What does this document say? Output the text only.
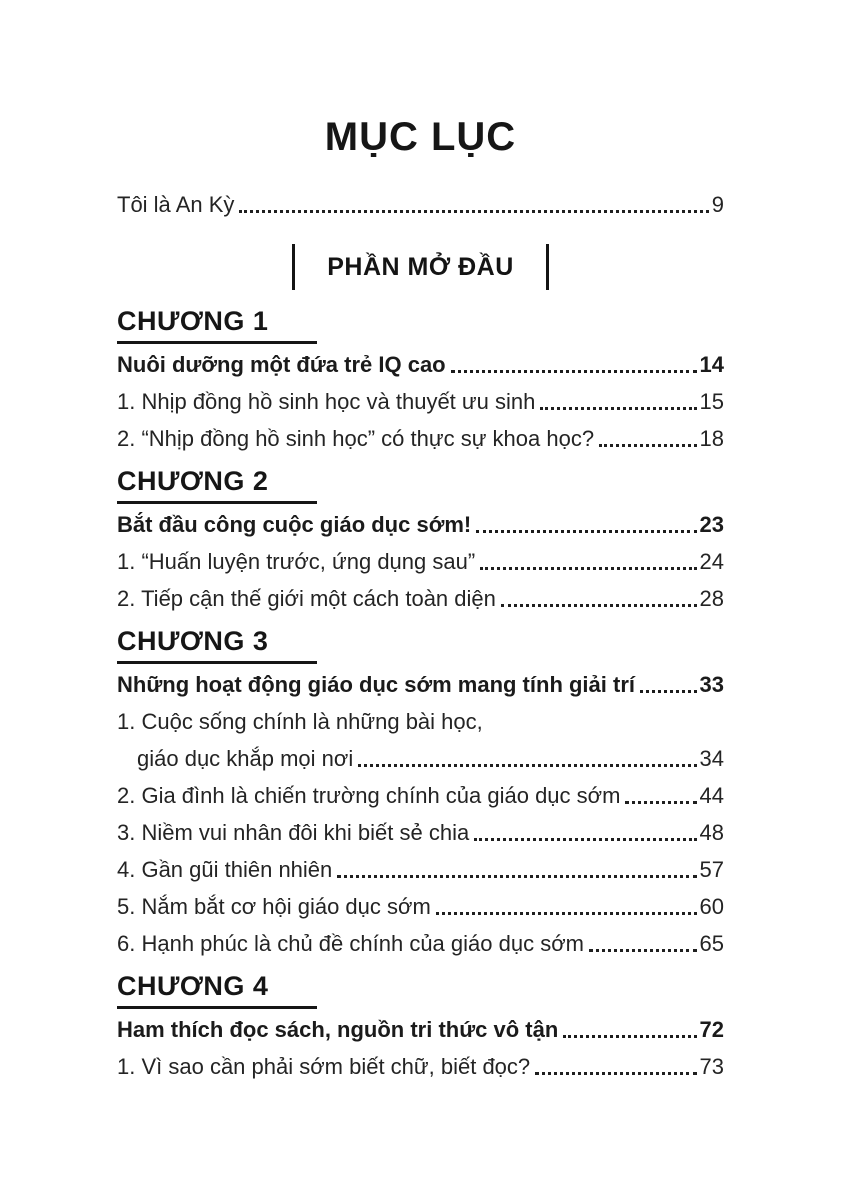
MỤC LỤC
Tôi là An Kỳ	9
PHẦN MỞ ĐẦU
CHƯƠNG 1
Nuôi dưỡng một đứa trẻ IQ cao	14
1. Nhịp đồng hồ sinh học và thuyết ưu sinh	15
2. “Nhịp đồng hồ sinh học” có thực sự khoa học?	18
CHƯƠNG 2
Bắt đầu công cuộc giáo dục sớm!	23
1. “Huấn luyện trước, ứng dụng sau”	24
2. Tiếp cận thế giới một cách toàn diện	28
CHƯƠNG 3
Những hoạt động giáo dục sớm mang tính giải trí	33
1. Cuộc sống chính là những bài học,
giáo dục khắp mọi nơi	34
2. Gia đình là chiến trường chính của giáo dục sớm	44
3. Niềm vui nhân đôi khi biết sẻ chia	48
4. Gần gũi thiên nhiên	57
5. Nắm bắt cơ hội giáo dục sớm	60
6. Hạnh phúc là chủ đề chính của giáo dục sớm	65
CHƯƠNG 4
Ham thích đọc sách, nguồn tri thức vô tận	72
1. Vì sao cần phải sớm biết chữ, biết đọc?	73
